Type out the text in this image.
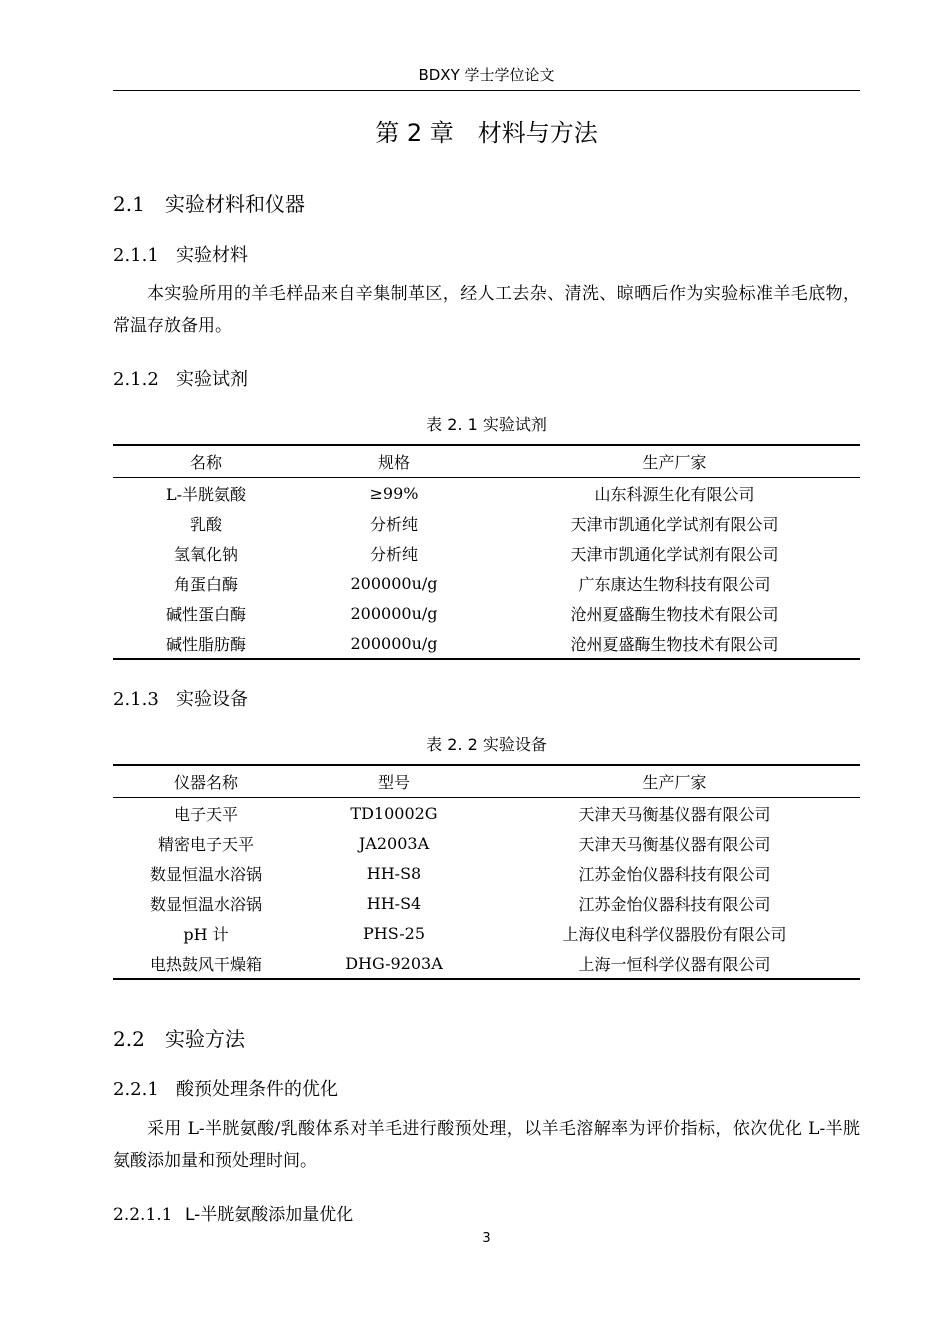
BDXY 学士学位论文
第 2 章　材料与方法
2.1 实验材料和仪器
2.1.1 实验材料
本实验所用的羊毛样品来自辛集制革区，经人工去杂、清洗、晾晒后作为实验标准羊毛底物，常温存放备用。
2.1.2 实验试剂
表 2. 1 实验试剂
名称	规格	生产厂家
L-半胱氨酸	≥99%	山东科源生化有限公司
乳酸	分析纯	天津市凯通化学试剂有限公司
氢氧化钠	分析纯	天津市凯通化学试剂有限公司
角蛋白酶	200000u/g	广东康达生物科技有限公司
碱性蛋白酶	200000u/g	沧州夏盛酶生物技术有限公司
碱性脂肪酶	200000u/g	沧州夏盛酶生物技术有限公司
2.1.3 实验设备
表 2. 2 实验设备
仪器名称	型号	生产厂家
电子天平	TD10002G	天津天马衡基仪器有限公司
精密电子天平	JA2003A	天津天马衡基仪器有限公司
数显恒温水浴锅	HH-S8	江苏金怡仪器科技有限公司
数显恒温水浴锅	HH-S4	江苏金怡仪器科技有限公司
pH 计	PHS-25	上海仪电科学仪器股份有限公司
电热鼓风干燥箱	DHG-9203A	上海一恒科学仪器有限公司
2.2 实验方法
2.2.1 酸预处理条件的优化
采用 L-半胱氨酸/乳酸体系对羊毛进行酸预处理，以羊毛溶解率为评价指标，依次优化 L-半胱氨酸添加量和预处理时间。
2.2.1.1 L-半胱氨酸添加量优化
3
